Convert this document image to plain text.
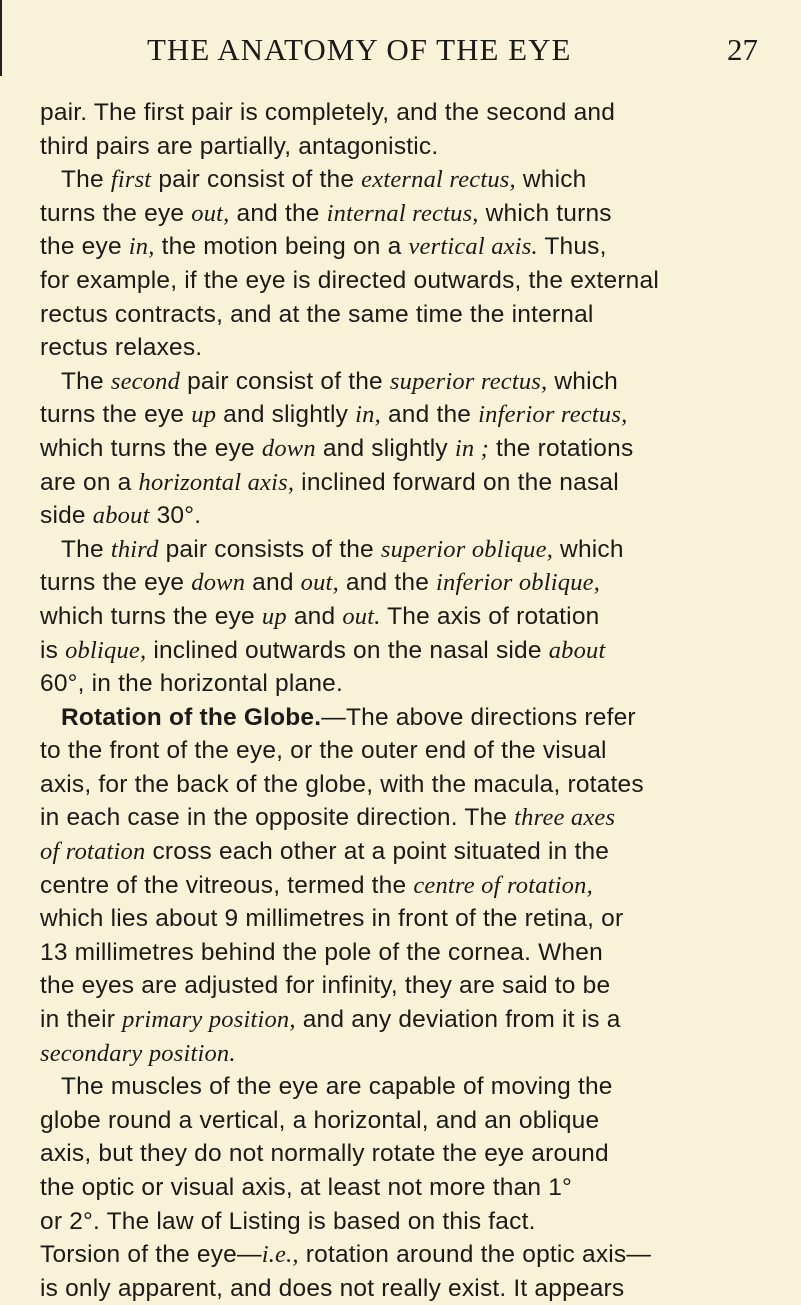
THE ANATOMY OF THE EYE	27
pair. The first pair is completely, and the second and
third pairs are partially, antagonistic.
The first pair consist of the external rectus, which
turns the eye out, and the internal rectus, which turns
the eye in, the motion being on a vertical axis. Thus,
for example, if the eye is directed outwards, the external
rectus contracts, and at the same time the internal
rectus relaxes.
The second pair consist of the superior rectus, which
turns the eye up and slightly in, and the inferior rectus,
which turns the eye down and slightly in ; the rotations
are on a horizontal axis, inclined forward on the nasal
side about 30°.
The third pair consists of the superior oblique, which
turns the eye down and out, and the inferior oblique,
which turns the eye up and out. The axis of rotation
is oblique, inclined outwards on the nasal side about
60°, in the horizontal plane.
Rotation of the Globe.—The above directions refer
to the front of the eye, or the outer end of the visual
axis, for the back of the globe, with the macula, rotates
in each case in the opposite direction. The three axes
of rotation cross each other at a point situated in the
centre of the vitreous, termed the centre of rotation,
which lies about 9 millimetres in front of the retina, or
13 millimetres behind the pole of the cornea. When
the eyes are adjusted for infinity, they are said to be
in their primary position, and any deviation from it is a
secondary position.
The muscles of the eye are capable of moving the
globe round a vertical, a horizontal, and an oblique
axis, but they do not normally rotate the eye around
the optic or visual axis, at least not more than 1°
or 2°. The law of Listing is based on this fact.
Torsion of the eye—i.e., rotation around the optic axis—
is only apparent, and does not really exist. It appears
